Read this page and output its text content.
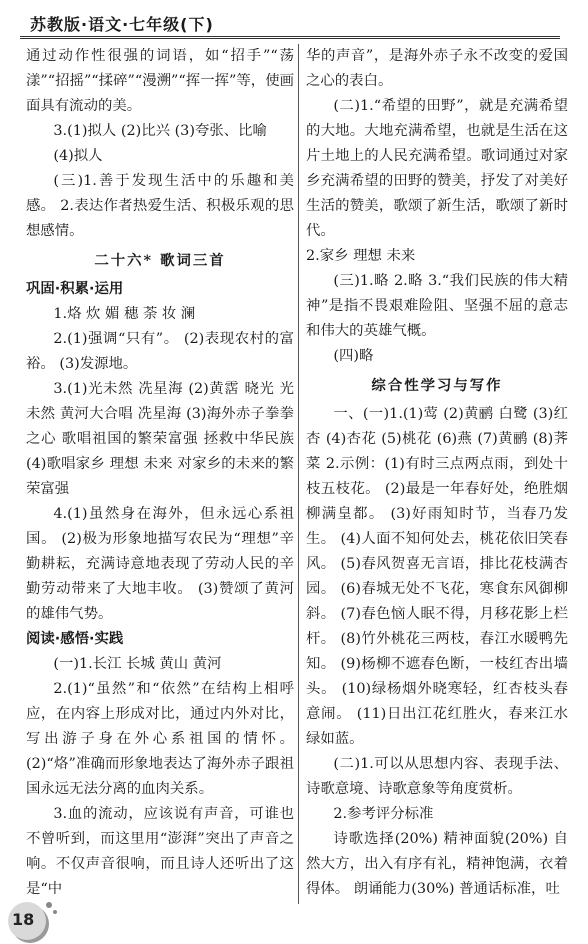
苏教版·语文·七年级(下)

通过动作性很强的词语，如“招手”“荡漾”“招摇”“揉碎”“漫溯”“挥一挥”等，使画面具有流动的美。

3.(1)拟人 (2)比兴 (3)夸张、比喻

(4)拟人

(三)1.善于发现生活中的乐趣和美感。 2.表达作者热爱生活、积极乐观的思想感情。

二十六* 歌词三首

巩固·积累·运用

1.烙 炊 媚 穗 荼 妆 澜

2.(1)强调“只有”。 (2)表现农村的富裕。 (3)发源地。

3.(1)光未然 冼星海 (2)黄霑 晓光 光未然 黄河大合唱 冼星海 (3)海外赤子拳拳之心 歌唱祖国的繁荣富强 拯救中华民族 (4)歌唱家乡 理想 未来 对家乡的未来的繁荣富强

4.(1)虽然身在海外，但永远心系祖国。 (2)极为形象地描写农民为“理想”辛勤耕耘，充满诗意地表现了劳动人民的辛勤劳动带来了大地丰收。 (3)赞颂了黄河的雄伟气势。

阅读·感悟·实践

(一)1.长江 长城 黄山 黄河

2.(1)“虽然”和“依然”在结构上相呼应，在内容上形成对比，通过内外对比，写出游子身在外心系祖国的情怀。(2)“烙”准确而形象地表达了海外赤子跟祖国永远无法分离的血肉关系。

3.血的流动，应该说有声音，可谁也不曾听到，而这里用“澎湃”突出了声音之响。不仅声音很响，而且诗人还听出了这是“中

华的声音”，是海外赤子永不改变的爱国之心的表白。

(二)1.“希望的田野”，就是充满希望的大地。大地充满希望，也就是生活在这片土地上的人民充满希望。歌词通过对家乡充满希望的田野的赞美，抒发了对美好生活的赞美，歌颂了新生活，歌颂了新时代。

2.家乡 理想 未来

(三)1.略 2.略 3.“我们民族的伟大精神”是指不畏艰难险阻、坚强不屈的意志和伟大的英雄气概。

(四)略

综合性学习与写作

一、(一)1.(1)莺 (2)黄鹂 白鹭 (3)红杏 (4)杏花 (5)桃花 (6)燕 (7)黄鹂 (8)荠菜 2.示例：(1)有时三点两点雨，到处十枝五枝花。 (2)最是一年春好处，绝胜烟柳满皇都。 (3)好雨知时节，当春乃发生。 (4)人面不知何处去，桃花依旧笑春风。 (5)春风贺喜无言语，排比花枝满杏园。 (6)春城无处不飞花，寒食东风御柳斜。 (7)春色恼人眠不得，月移花影上栏杆。 (8)竹外桃花三两枝，春江水暖鸭先知。 (9)杨柳不遮春色断，一枝红杏出墙头。 (10)绿杨烟外晓寒轻，红杏枝头春意闹。 (11)日出江花红胜火，春来江水绿如蓝。

(二)1.可以从思想内容、表现手法、诗歌意境、诗歌意象等角度赏析。

2.参考评分标准

诗歌选择(20%) 精神面貌(20%) 自然大方，出入有序有礼，精神饱满，衣着得体。 朗诵能力(30%) 普通话标准，吐

18
